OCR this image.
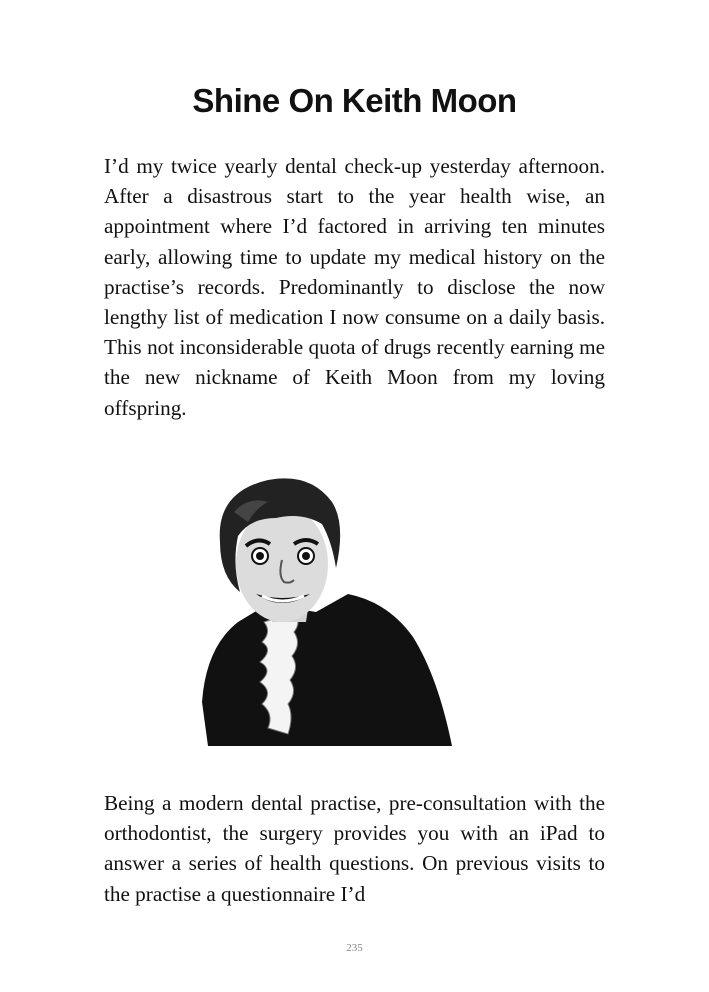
Shine On Keith Moon

I’d my twice yearly dental check-up yesterday afternoon. After a disastrous start to the year health wise, an appointment where I’d factored in arriving ten minutes early, allowing time to update my medical history on the practise’s records. Predominantly to disclose the now lengthy list of medication I now consume on a daily basis. This not inconsiderable quota of drugs recently earning me the new nickname of Keith Moon from my loving offspring.

Being a modern dental practise, pre-consultation with the orthodontist, the surgery provides you with an iPad to answer a series of health questions. On previous visits to the practise a questionnaire I’d

235
